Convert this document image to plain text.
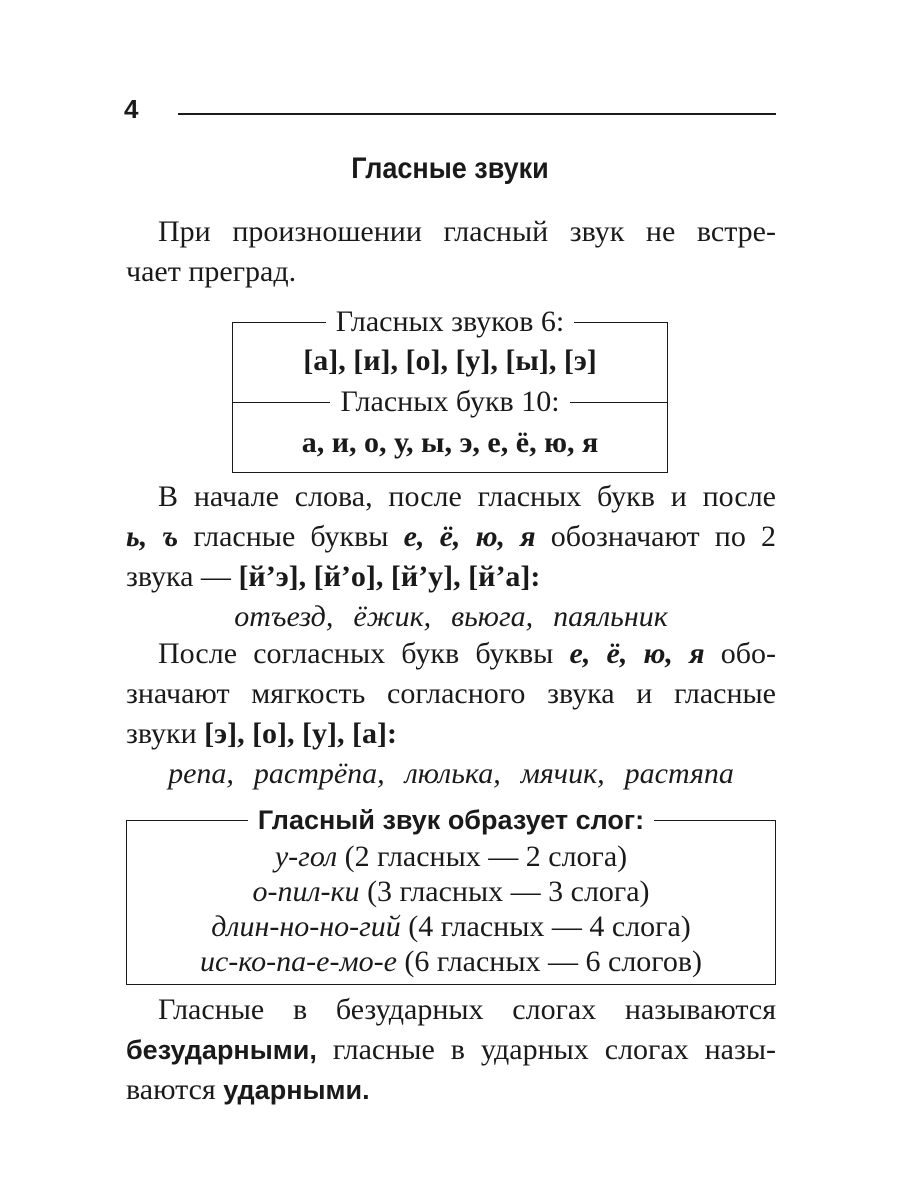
4
Гласные звуки
При произношении гласный звук не встре-
чает преград.
Гласных звуков 6:
[а], [и], [о], [у], [ы], [э]
Гласных букв 10:
а, и, о, у, ы, э, е, ё, ю, я
В начале слова, после гласных букв и после
ь, ъ гласные буквы е, ё, ю, я обозначают по 2
звука — [й’э], [й’о], [й’у], [й’а]:
отъезд, ёжик, вьюга, паяльник
После согласных букв буквы е, ё, ю, я обо-
значают мягкость согласного звука и гласные
звуки [э], [о], [у], [а]:
репа, растрёпа, люлька, мячик, растяпа
Гласный звук образует слог:
у-гол (2 гласных — 2 слога)
о-пил-ки (3 гласных — 3 слога)
длин-но-но-гий (4 гласных — 4 слога)
ис-ко-па-е-мо-е (6 гласных — 6 слогов)
Гласные в безударных слогах называются
безударными, гласные в ударных слогах назы-
ваются ударными.
